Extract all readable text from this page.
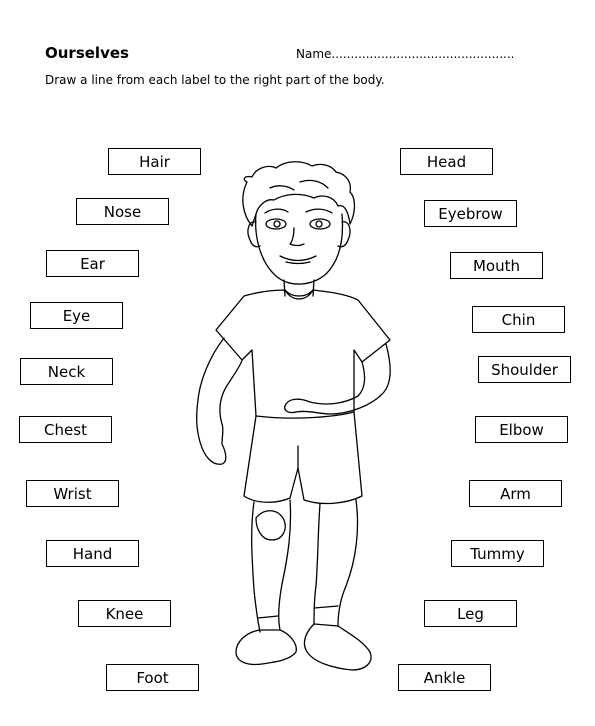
Ourselves	Name................................................
Draw a line from each label to the right part of the body.
Hair
Nose
Ear
Eye
Neck
Chest
Wrist
Hand
Knee
Foot
Head
Eyebrow
Mouth
Chin
Shoulder
Elbow
Arm
Tummy
Leg
Ankle
